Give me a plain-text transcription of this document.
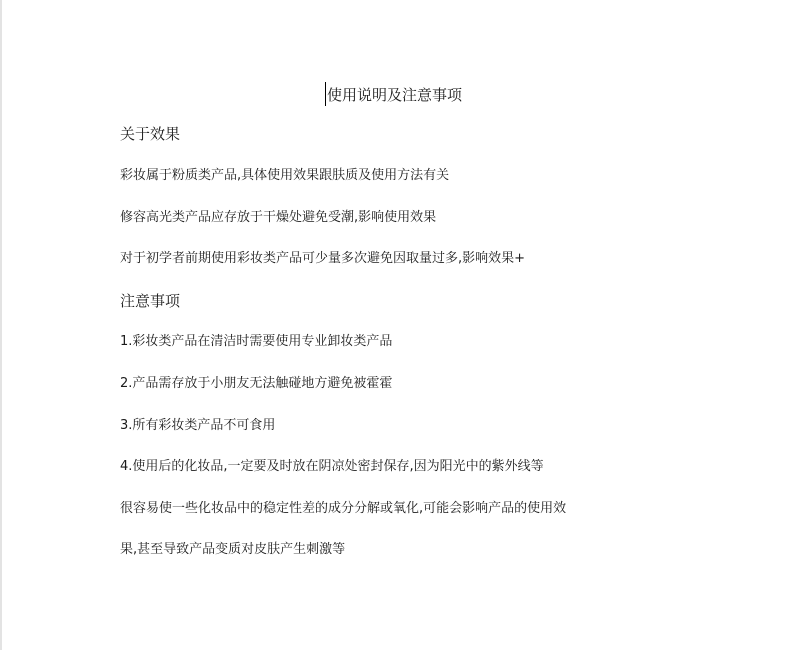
使用说明及注意事项
关于效果
彩妆属于粉质类产品,具体使用效果跟肤质及使用方法有关
修容高光类产品应存放于干燥处避免受潮,影响使用效果
对于初学者前期使用彩妆类产品可少量多次避免因取量过多,影响效果+
注意事项
1.彩妆类产品在清洁时需要使用专业卸妆类产品
2.产品需存放于小朋友无法触碰地方避免被霍霍
3.所有彩妆类产品不可食用
4.使用后的化妆品,一定要及时放在阴凉处密封保存,因为阳光中的紫外线等
很容易使一些化妆品中的稳定性差的成分分解或氧化,可能会影响产品的使用效
果,甚至导致产品变质对皮肤产生刺激等
